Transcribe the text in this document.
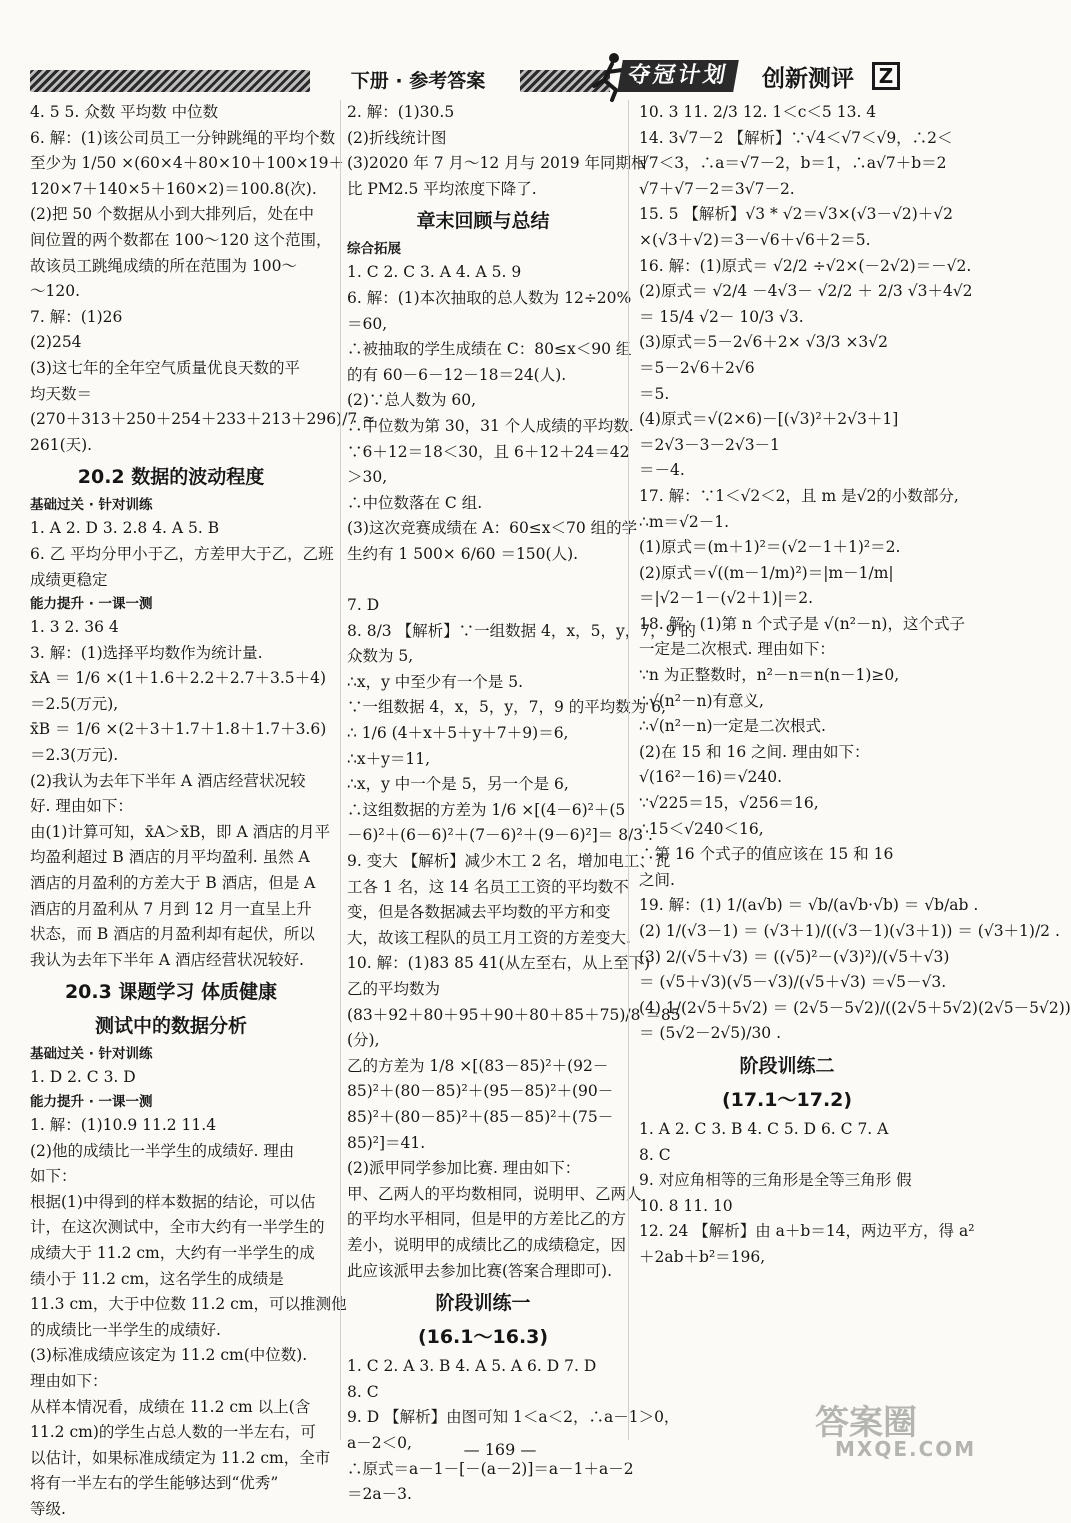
下册 · 参考答案	夺冠计划	创新测评	Z
4. 5 5. 众数 平均数 中位数
6. 解：(1)该公司员工一分钟跳绳的平均个数
至少为 1/50 ×(60×4＋80×10＋100×19＋
120×7＋140×5＋160×2)＝100.8(次).
(2)把 50 个数据从小到大排列后，处在中
间位置的两个数都在 100～120 这个范围，
故该员工跳绳成绩的所在范围为 100～
～120.
7. 解：(1)26
(2)254
(3)这七年的全年空气质量优良天数的平
均天数＝
(270＋313＋250＋254＋233＋213＋296)/7 ≈
261(天).
20.2 数据的波动程度
基础过关 · 针对训练
1. A 2. D 3. 2.8 4. A 5. B
6. 乙 平均分甲小于乙，方差甲大于乙，乙班
成绩更稳定
能力提升 · 一课一测
1. 3 2. 36 4
3. 解：(1)选择平均数作为统计量.
x̄A ＝ 1/6 ×(1＋1.6＋2.2＋2.7＋3.5＋4)
＝2.5(万元),
x̄B ＝ 1/6 ×(2＋3＋1.7＋1.8＋1.7＋3.6)
＝2.3(万元).
(2)我认为去年下半年 A 酒店经营状况较
好. 理由如下：
由(1)计算可知，x̄A＞x̄B，即 A 酒店的月平
均盈利超过 B 酒店的月平均盈利. 虽然 A
酒店的月盈利的方差大于 B 酒店，但是 A
酒店的月盈利从 7 月到 12 月一直呈上升
状态，而 B 酒店的月盈利却有起伏，所以
我认为去年下半年 A 酒店经营状况较好.
20.3 课题学习 体质健康
测试中的数据分析
基础过关 · 针对训练
1. D 2. C 3. D
能力提升 · 一课一测
1. 解：(1)10.9 11.2 11.4
(2)他的成绩比一半学生的成绩好. 理由
如下：
根据(1)中得到的样本数据的结论，可以估
计，在这次测试中，全市大约有一半学生的
成绩大于 11.2 cm，大约有一半学生的成
绩小于 11.2 cm，这名学生的成绩是
11.3 cm，大于中位数 11.2 cm，可以推测他
的成绩比一半学生的成绩好.
(3)标准成绩应该定为 11.2 cm(中位数).
理由如下：
从样本情况看，成绩在 11.2 cm 以上(含
11.2 cm)的学生占总人数的一半左右，可
以估计，如果标准成绩定为 11.2 cm，全市
将有一半左右的学生能够达到“优秀”
等级.
2. 解：(1)30.5
(2)折线统计图
(3)2020 年 7 月～12 月与 2019 年同期相
比 PM2.5 平均浓度下降了.
章末回顾与总结
综合拓展
1. C 2. C 3. A 4. A 5. 9
6. 解：(1)本次抽取的总人数为 12÷20%
＝60,
∴被抽取的学生成绩在 C：80≤x＜90 组
的有 60－6－12－18＝24(人).
(2)∵总人数为 60,
∴中位数为第 30，31 个人成绩的平均数.
∵6＋12＝18＜30，且 6＋12＋24＝42
＞30,
∴中位数落在 C 组.
(3)这次竞赛成绩在 A：60≤x＜70 组的学
生约有 1 500× 6/60 ＝150(人).

7. D
8. 8/3 【解析】∵一组数据 4，x，5，y，7，9 的
众数为 5,
∴x，y 中至少有一个是 5.
∵一组数据 4，x，5，y，7，9 的平均数为 6,
∴ 1/6 (4＋x＋5＋y＋7＋9)＝6,
∴x＋y＝11,
∴x，y 中一个是 5，另一个是 6,
∴这组数据的方差为 1/6 ×[(4－6)²＋(5
－6)²＋(6－6)²＋(7－6)²＋(9－6)²]＝ 8/3 .
9. 变大 【解析】减少木工 2 名，增加电工、瓦
工各 1 名，这 14 名员工工资的平均数不
变，但是各数据减去平均数的平方和变
大，故该工程队的员工月工资的方差变大.
10. 解：(1)83 85 41(从左至右，从上至下)
乙的平均数为
(83＋92＋80＋95＋90＋80＋85＋75)/8 ＝85
(分),
乙的方差为 1/8 ×[(83－85)²＋(92－
85)²＋(80－85)²＋(95－85)²＋(90－
85)²＋(80－85)²＋(85－85)²＋(75－
85)²]＝41.
(2)派甲同学参加比赛. 理由如下：
甲、乙两人的平均数相同，说明甲、乙两人
的平均水平相同，但是甲的方差比乙的方
差小，说明甲的成绩比乙的成绩稳定，因
此应该派甲去参加比赛(答案合理即可).
阶段训练一
(16.1～16.3)
1. C 2. A 3. B 4. A 5. A 6. D 7. D
8. C
9. D 【解析】由图可知 1＜a＜2，∴a－1＞0，
a－2＜0,
∴原式＝a－1－[－(a－2)]＝a－1＋a－2
＝2a－3.
10. 3 11. 2/3 12. 1＜c＜5 13. 4
14. 3√7－2 【解析】∵√4＜√7＜√9，∴2＜
√7＜3，∴a＝√7－2，b＝1，∴a√7＋b＝2
√7＋√7－2＝3√7－2.
15. 5 【解析】√3 * √2＝√3×(√3－√2)＋√2
×(√3＋√2)＝3－√6＋√6＋2＝5.
16. 解：(1)原式＝ √2/2 ÷√2×(－2√2)＝－√2.
(2)原式＝ √2/4 －4√3－ √2/2 ＋ 2/3 √3＋4√2
＝ 15/4 √2－ 10/3 √3.
(3)原式＝5－2√6＋2× √3/3 ×3√2
＝5－2√6＋2√6
＝5.
(4)原式＝√(2×6)－[(√3)²＋2√3＋1]
＝2√3－3－2√3－1
＝－4.
17. 解：∵1＜√2＜2，且 m 是√2的小数部分,
∴m＝√2－1.
(1)原式＝(m＋1)²＝(√2－1＋1)²＝2.
(2)原式＝√((m－1/m)²)＝|m－1/m|
＝|√2－1－(√2＋1)|＝2.
18. 解：(1)第 n 个式子是 √(n²－n)，这个式子
一定是二次根式. 理由如下：
∵n 为正整数时，n²－n＝n(n－1)≥0,
∴√(n²－n)有意义,
∴√(n²－n)一定是二次根式.
(2)在 15 和 16 之间. 理由如下：
√(16²－16)＝√240.
∵√225＝15，√256＝16,
∴15＜√240＜16,
∴第 16 个式子的值应该在 15 和 16
之间.
19. 解：(1) 1/(a√b) ＝ √b/(a√b·√b) ＝ √b/ab .
(2) 1/(√3－1) ＝ (√3＋1)/((√3－1)(√3＋1)) ＝ (√3＋1)/2 .
(3) 2/(√5＋√3) ＝ ((√5)²－(√3)²)/(√5＋√3)
＝ (√5＋√3)(√5－√3)/(√5＋√3) ＝√5－√3.
(4) 1/(2√5＋5√2) ＝ (2√5－5√2)/((2√5＋5√2)(2√5－5√2))
＝ (5√2－2√5)/30 .
阶段训练二
(17.1～17.2)
1. A 2. C 3. B 4. C 5. D 6. C 7. A
8. C
9. 对应角相等的三角形是全等三角形 假
10. 8 11. 10
12. 24 【解析】由 a＋b＝14，两边平方，得 a²
＋2ab＋b²＝196,
— 169 —
答案圈
MXQE.COM
